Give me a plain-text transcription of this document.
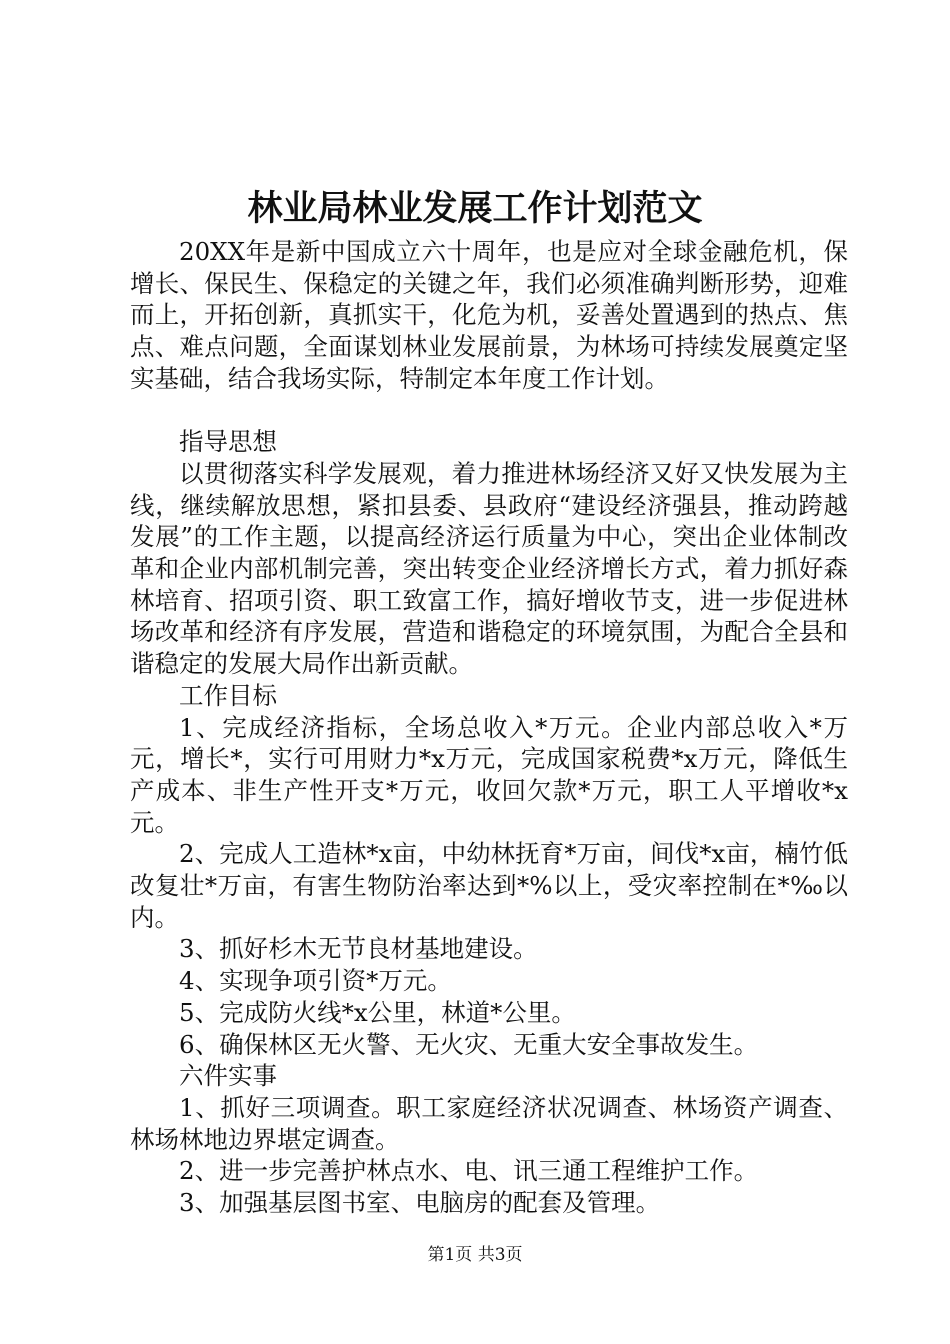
林业局林业发展工作计划范文

20XX年是新中国成立六十周年，也是应对全球金融危机，保增长、保民生、保稳定的关键之年，我们必须准确判断形势，迎难而上，开拓创新，真抓实干，化危为机，妥善处置遇到的热点、焦点、难点问题，全面谋划林业发展前景，为林场可持续发展奠定坚实基础，结合我场实际，特制定本年度工作计划。

指导思想

以贯彻落实科学发展观，着力推进林场经济又好又快发展为主线，继续解放思想，紧扣县委、县政府“建设经济强县，推动跨越发展”的工作主题，以提高经济运行质量为中心，突出企业体制改革和企业内部机制完善，突出转变企业经济增长方式，着力抓好森林培育、招项引资、职工致富工作，搞好增收节支，进一步促进林场改革和经济有序发展，营造和谐稳定的环境氛围，为配合全县和谐稳定的发展大局作出新贡献。

工作目标

1、完成经济指标，全场总收入*万元。企业内部总收入*万元，增长*，实行可用财力*x万元，完成国家税费*x万元，降低生产成本、非生产性开支*万元，收回欠款*万元，职工人平增收*x元。

2、完成人工造林*x亩，中幼林抚育*万亩，间伐*x亩，楠竹低改复壮*万亩，有害生物防治率达到*%以上，受灾率控制在*‰以内。

3、抓好杉木无节良材基地建设。

4、实现争项引资*万元。

5、完成防火线*x公里，林道*公里。

6、确保林区无火警、无火灾、无重大安全事故发生。

六件实事

1、抓好三项调查。职工家庭经济状况调查、林场资产调查、林场林地边界堪定调查。

2、进一步完善护林点水、电、讯三通工程维护工作。

3、加强基层图书室、电脑房的配套及管理。

第1页 共3页
